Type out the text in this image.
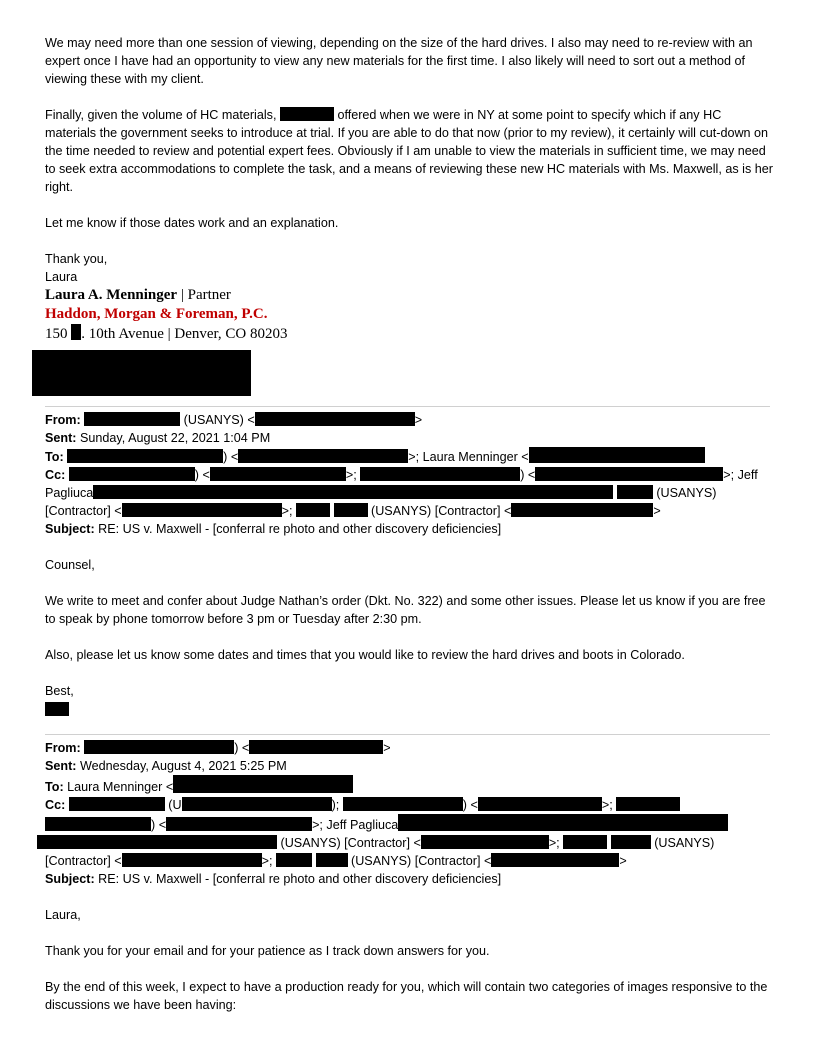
We may need more than one session of viewing, depending on the size of the hard drives. I also may need to re-review with an expert once I have had an opportunity to view any new materials for the first time. I also likely will need to sort out a method of viewing these with my client.

Finally, given the volume of HC materials,	offered when we were in NY at some point to specify which if any HC materials the government seeks to introduce at trial. If you are able to do that now (prior to my review), it certainly will cut-down on the time needed to review and potential expert fees. Obviously if I am unable to view the materials in sufficient time, we may need to seek extra accommodations to complete the task, and a means of reviewing these new HC materials with Ms. Maxwell, as is her right.

Let me know if those dates work and an explanation.

Thank you,

Laura

Laura A. Menninger | Partner
Haddon, Morgan & Foreman, P.C.
150 . 10th Avenue | Denver, CO 80203

From:	(USANYS) <	>

Sent: Sunday, August 22, 2021 1:04 PM

To:	) <	>; Laura Menninger <

Cc:	) <	>;	) <	>; Jeff

Pagliuca	(USANYS)

[Contractor] <	>;	(USANYS) [Contractor] <	>

Subject: RE: US v. Maxwell - [conferral re photo and other discovery deficiencies]

Counsel,

We write to meet and confer about Judge Nathan’s order (Dkt. No. 322) and some other issues. Please let us know if you are free to speak by phone tomorrow before 3 pm or Tuesday after 2:30 pm.

Also, please let us know some dates and times that you would like to review the hard drives and boots in Colorado.

Best,

From:	) <	>

Sent: Wednesday, August 4, 2021 5:25 PM

To: Laura Menninger <

Cc:	(U	);	) <	>;

) <	>; Jeff Pagliuca

(USANYS) [Contractor] <	>;	(USANYS)

[Contractor] <	>;	(USANYS) [Contractor] <	>

Subject: RE: US v. Maxwell - [conferral re photo and other discovery deficiencies]

Laura,

Thank you for your email and for your patience as I track down answers for you.

By the end of this week, I expect to have a production ready for you, which will contain two categories of images responsive to the discussions we have been having:
